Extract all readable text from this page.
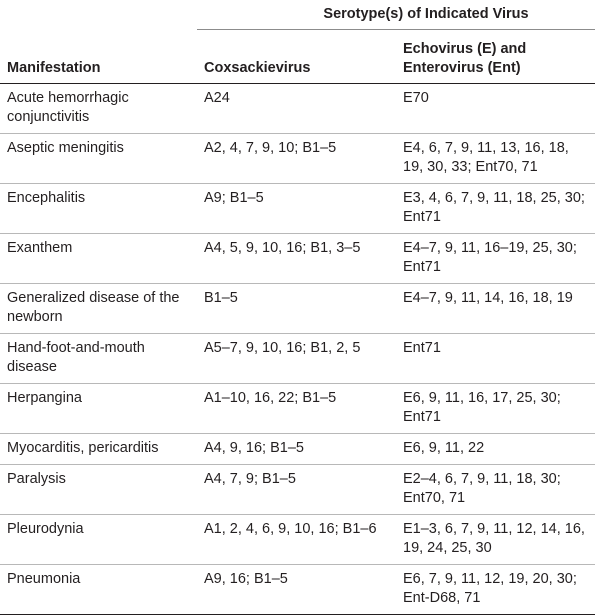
	Serotype(s) of Indicated Virus	
Manifestation	Coxsackievirus	Echovirus (E) and Enterovirus (Ent)
Acute hemorrhagic conjunctivitis	A24	E70
Aseptic meningitis	A2, 4, 7, 9, 10; B1–5	E4, 6, 7, 9, 11, 13, 16, 18, 19, 30, 33; Ent70, 71
Encephalitis	A9; B1–5	E3, 4, 6, 7, 9, 11, 18, 25, 30; Ent71
Exanthem	A4, 5, 9, 10, 16; B1, 3–5	E4–7, 9, 11, 16–19, 25, 30; Ent71
Generalized disease of the newborn	B1–5	E4–7, 9, 11, 14, 16, 18, 19
Hand-foot-and-mouth disease	A5–7, 9, 10, 16; B1, 2, 5	Ent71
Herpangina	A1–10, 16, 22; B1–5	E6, 9, 11, 16, 17, 25, 30; Ent71
Myocarditis, pericarditis	A4, 9, 16; B1–5	E6, 9, 11, 22
Paralysis	A4, 7, 9; B1–5	E2–4, 6, 7, 9, 11, 18, 30; Ent70, 71
Pleurodynia	A1, 2, 4, 6, 9, 10, 16; B1–6	E1–3, 6, 7, 9, 11, 12, 14, 16, 19, 24, 25, 30
Pneumonia	A9, 16; B1–5	E6, 7, 9, 11, 12, 19, 20, 30; Ent-D68, 71
